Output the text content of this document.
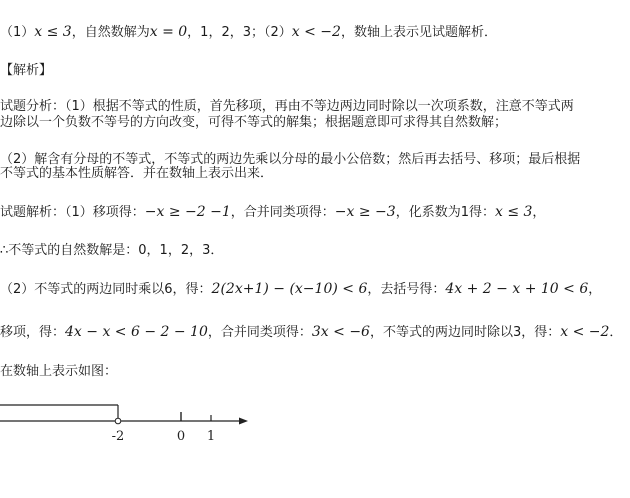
（1）x ≤ 3，自然数解为x = 0，1，2，3；（2）x < −2，数轴上表示见试题解析．
【解析】
试题分析：（1）根据不等式的性质，首先移项，再由不等边两边同时除以一次项系数，注意不等式两
边除以一个负数不等号的方向改变，可得不等式的解集；根据题意即可求得其自然数解；
（2）解含有分母的不等式，不等式的两边先乘以分母的最小公倍数；然后再去括号、移项；最后根据
不等式的基本性质解答．并在数轴上表示出来．
试题解析：（1）移项得：−x ≥ −2 −1，合并同类项得：−x ≥ −3，化系数为1得：x ≤ 3，
∴不等式的自然数解是：0，1，2，3．
（2）不等式的两边同时乘以6，得：2(2x+1) − (x−10) < 6，去括号得：4x + 2 − x + 10 < 6，
移项，得：4x − x < 6 − 2 − 10，合并同类项得：3x < −6，不等式的两边同时除以3，得：x < −2．
在数轴上表示如图：
-2	0 1
